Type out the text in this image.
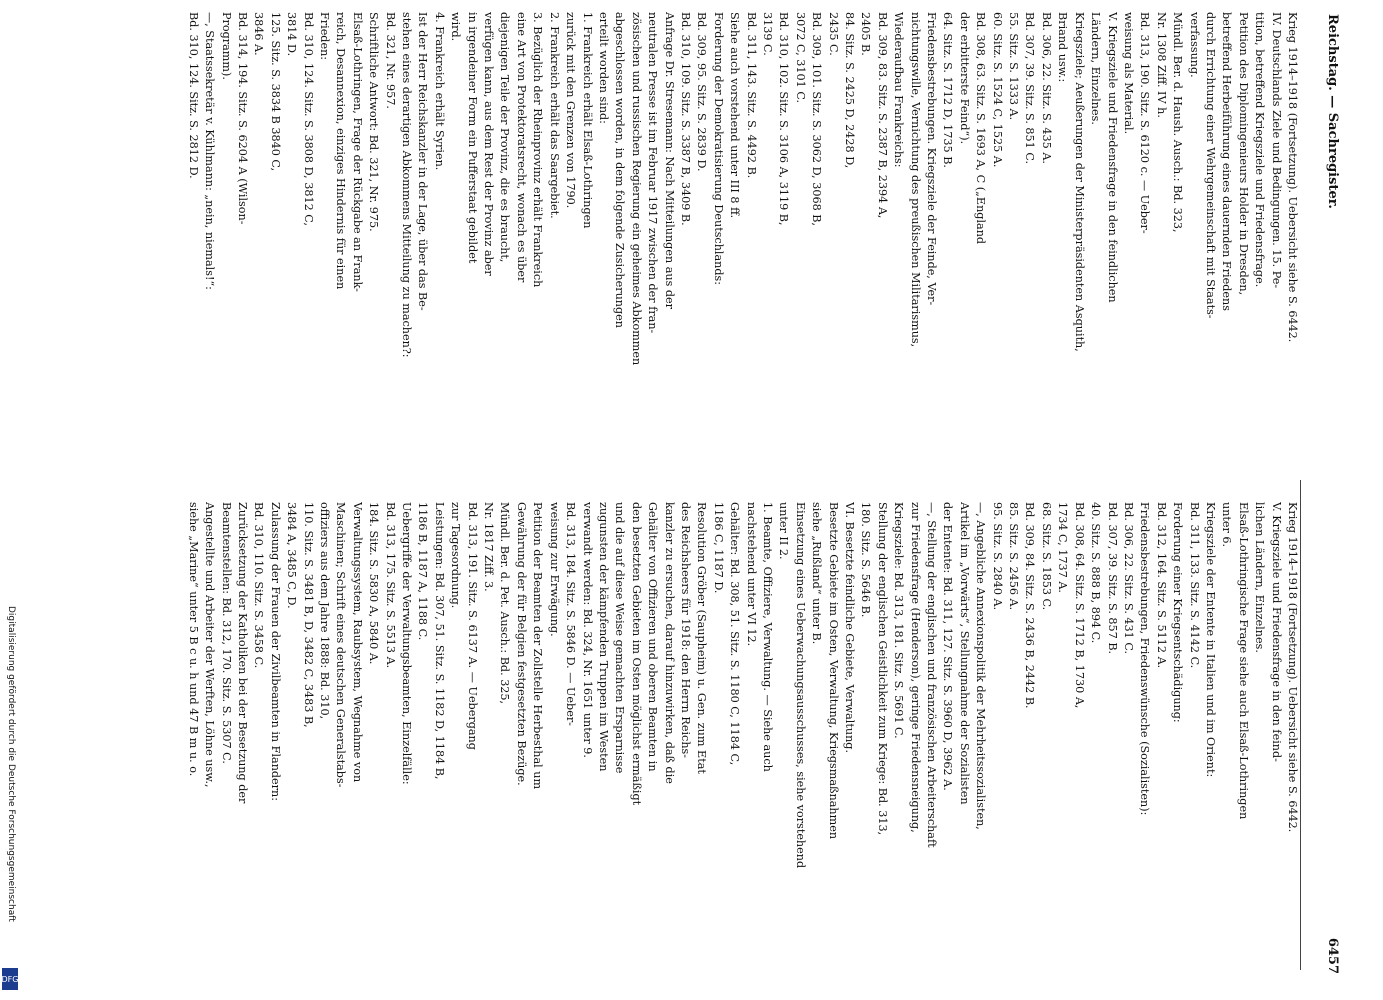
Reichstag. — Sachregister.
6457

Krieg 1914–1918 (Fortsetzung). Uebersicht siehe S. 6442.

IV. Deutschlands Ziele und Bedingungen. 15. Pe-

tition, betreffend Kriegsziele und Friedensfrage.

Petition des Diplomingenieurs Holder in Dresden,

betreffend Herbeiführung eines dauernden Friedens

durch Errichtung einer Wehrgemeinschaft mit Staats-

verfassung.

Mündl. Ber. d. Haush. Ausch.: Bd. 323,

Nr. 1308 Ziff. IV h.

Bd. 313, 190. Sitz. S. 6120 c. — Ueber-

weisung als Material.

V. Kriegsziele und Friedensfrage in den feindlichen

Ländern, Einzelnes.

Kriegsziele; Aeußerungen der Ministerpräsidenten Asquith,

Briand usw.:

Bd. 306, 22. Sitz. S. 435 A.

Bd. 307, 39. Sitz. S. 851 C.

55. Sitz. S. 1333 A.

60. Sitz. S. 1524 C, 1525 A.

Bd. 308, 63. Sitz. S. 1693 A, C („England

der erbitterste Feind“).

64. Sitz. S. 1712 D, 1735 B.

Friedensbestrebungen. Kriegsziele der Feinde, Ver-

nichtungswille, Vernichtung des preußischen Militarismus,

Wiederaufbau Frankreichs:

Bd. 309, 83. Sitz. S. 2387 B, 2394 A,

2405 B.

84. Sitz. S. 2425 D, 2428 D,

2435 C.

Bd. 309, 101. Sitz. S. 3062 D, 3068 B,

3072 C, 3101 C.

Bd. 310, 102. Sitz. S. 3106 A, 3119 B,

3139 C.

Bd. 311, 143. Sitz. S. 4492 B.

Siehe auch vorstehend unter III 8 ff.

Forderung der Demokratisierung Deutschlands:

Bd. 309, 95. Sitz. S. 2839 D.

Bd. 310, 109. Sitz. S. 3387 B, 3409 B.

Anfrage Dr. Stresemann: Nach Mitteilungen aus der

neutralen Presse ist im Februar 1917 zwischen der fran-

zösischen und russischen Regierung ein geheimes Abkommen

abgeschlossen worden, in dem folgende Zusicherungen

erteilt worden sind:

1. Frankreich erhält Elsaß-Lothringen

zurück mit den Grenzen von 1790.

2. Frankreich erhält das Saargebiet.

3. Bezüglich der Rheinprovinz erhält Frankreich

eine Art von Protektoratsrecht, wonach es über

diejenigen Teile der Provinz, die es braucht,

verfügen kann, aus dem Rest der Provinz aber

in irgendeiner Form ein Pufferstaat gebildet

wird.

4. Frankreich erhält Syrien.

Ist der Herr Reichskanzler in der Lage, über das Be-

stehen eines derartigen Abkommens Mitteilung zu machen?:

Bd. 321, Nr. 957.

Schriftliche Antwort: Bd. 321, Nr. 975.

Elsaß-Lothringen, Frage der Rückgabe an Frank-

reich, Desannexion, einziges Hindernis für einen

Frieden:

Bd. 310, 124. Sitz. S. 3808 D, 3812 C,

3814 D.

125. Sitz. S. 3834 B 3840 C,

3846 A.

Bd. 314, 194. Sitz. S. 6204 A (Wilson-

Programm).

—, Staatssekretär v. Kühlmann: „nein, niemals!“:

Bd. 310, 124. Sitz. S. 2812 D.

Krieg 1914–1918 (Fortsetzung). Uebersicht siehe S. 6442.

V. Kriegsziele und Friedensfrage in den feind-

lichen Ländern, Einzelnes.

Elsaß-Lothringische Frage siehe auch Elsaß-Lothringen

unter 6.

Kriegsziele der Entente in Italien und im Orient:

Bd. 311, 133. Sitz. S. 4142 C.

Forderung einer Kriegsentschädigung:

Bd. 312, 164. Sitz. S. 5112 A.

Friedensbestrebungen, Friedenswünsche (Sozialisten):

Bd. 306, 22. Sitz. S. 431 C.

Bd. 307, 39. Sitz. S. 857 B.

40. Sitz. S. 888 B, 894 C.

Bd. 308, 64. Sitz. S. 1712 B, 1730 A,

1734 C, 1737 A.

68. Sitz. S. 1853 C.

Bd. 309, 84. Sitz. S. 2436 B, 2442 B.

85. Sitz. S. 2456 A.

95. Sitz. S. 2840 A.

—, Angebliche Annexionspolitik der Mehrheitssozialisten,

Artikel im „Vorwärts“, Stellungnahme der Sozialisten

der Entente: Bd. 311, 127. Sitz. S. 3960 D, 3962 A.

—, Stellung der englischen und französischen Arbeiterschaft

zur Friedensfrage (Henderson), geringe Friedensneigung,

Kriegsziele: Bd. 313, 181. Sitz. S. 5691 C.

Stellung der englischen Geistlichkeit zum Kriege: Bd. 313,

180. Sitz. S. 5646 B.

VI. Besetzte feindliche Gebiete, Verwaltung.

Besetzte Gebiete im Osten, Verwaltung, Kriegsmaßnahmen

siehe „Rußland“ unter B.

Einsetzung eines Ueberwachungsausschusses, siehe vorstehend

unter II 2.

1. Beamte, Offiziere, Verwaltung. — Siehe auch

nachstehend unter VI 12.

Gehälter: Bd. 308, 51. Sitz. S. 1180 C, 1184 C,

1186 C, 1187 D.

Resolution Gröber (Saupheim) u. Gen. zum Etat

des Reichsheers für 1918: den Herrn Reichs-

kanzler zu ersuchen, darauf hinzuwirken, daß die

Gehälter von Offizieren und oberen Beamten in

den besetzten Gebieten im Osten möglichst ermäßigt

und die auf diese Weise gemachten Ersparnisse

zugunsten der kämpfenden Truppen im Westen

verwandt werden: Bd. 324, Nr. 1651 unter 9.

Bd. 313, 184. Sitz. S. 5846 D. — Ueber-

weisung zur Erwägung.

Petition der Beamten der Zollstelle Herbesthal um

Gewährung der für Belgien festgesetzten Bezüge.

Mündl. Ber. d. Pet. Ausch.: Bd. 325,

Nr. 1817 Ziff. 3.

Bd. 313, 191. Sitz. S. 6137 A. — Uebergang

zur Tagesordnung.

Leistungen: Bd. 307, 51. Sitz. S. 1182 D, 1184 B,

1186 B, 1187 A, 1188 C.

Uebergriffe der Verwaltungsbeamten, Einzelfälle:

Bd. 313, 175. Sitz. S. 5513 A.

184. Sitz. S. 5830 A, 5840 A.

Verwaltungssystem, Raubsystem, Wegnahme von

Maschinen; Schrift eines deutschen Generalstabs-

offiziers aus dem Jahre 1888: Bd. 310,

110. Sitz. S. 3481 B, D, 3482 C, 3483 B,

3484 A, 3485 C, D.

Zulassung der Frauen der Zivilbeamten in Flandern:

Bd. 310, 110. Sitz. S. 3458 C.

Zurücksetzung der Katholiken bei der Besetzung der

Beamtenstellen: Bd. 312, 170. Sitz. S. 5307 C.

Angestellte und Arbeiter der Werften, Löhne usw.,

siehe „Marine“ unter 5 B c u. h und 47 B m u. o.

Digitalisierung gefördert durch die Deutsche Forschungsgemeinschaft
DFG
